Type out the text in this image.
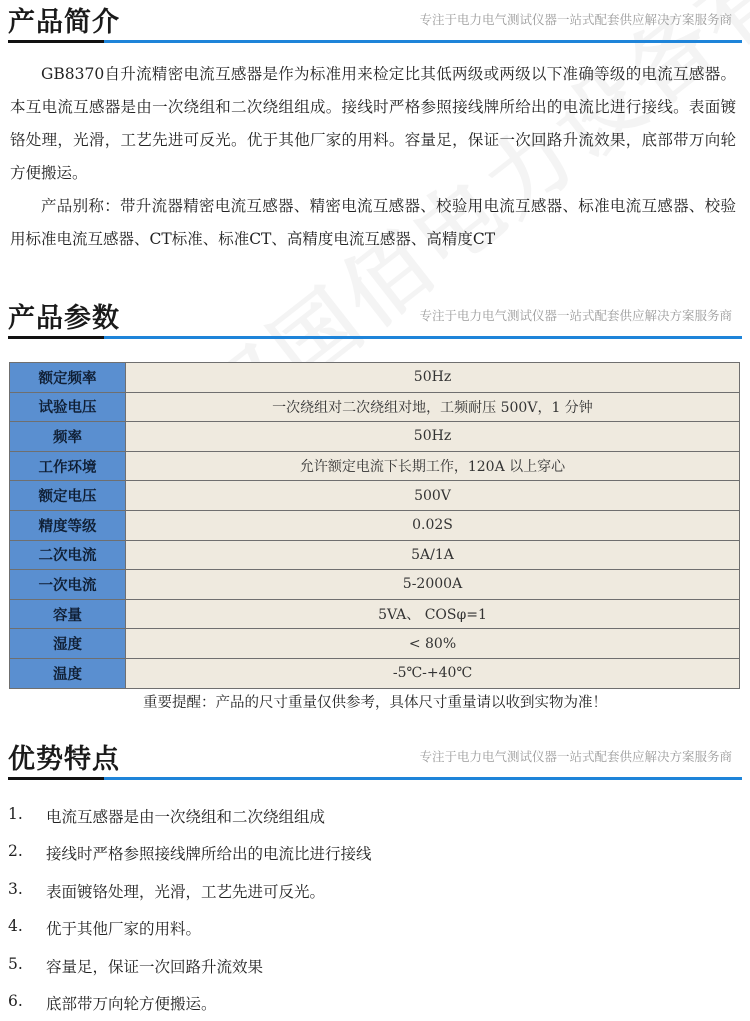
产品简介	专注于电力电气测试仪器一站式配套供应解决方案服务商

GB8370自升流精密电流互感器是作为标准用来检定比其低两级或两级以下准确等级的电流互感器。本互电流互感器是由一次绕组和二次绕组组成。接线时严格参照接线牌所给出的电流比进行接线。表面镀铬处理，光滑，工艺先进可反光。优于其他厂家的用料。容量足，保证一次回路升流效果，底部带万向轮方便搬运。

产品别称：带升流器精密电流互感器、精密电流互感器、校验用电流互感器、标准电流互感器、校验用标准电流互感器、CT标准、标准CT、高精度电流互感器、高精度CT

产品参数	专注于电力电气测试仪器一站式配套供应解决方案服务商
额定频率	50Hz
试验电压	一次绕组对二次绕组对地，工频耐压 500V，1 分钟
频率	50Hz
工作环境	允许额定电流下长期工作，120A 以上穿心
额定电压	500V
精度等级	0.02S
二次电流	5A/1A
一次电流	5-2000A
容量	5VA、 COSφ=1
湿度	< 80%
温度	-5℃-+40℃
重要提醒：产品的尺寸重量仅供参考，具体尺寸重量请以收到实物为准！
优势特点	专注于电力电气测试仪器一站式配套供应解决方案服务商
1. 电流互感器是由一次绕组和二次绕组组成
2. 接线时严格参照接线牌所给出的电流比进行接线
3. 表面镀铬处理，光滑，工艺先进可反光。
4. 优于其他厂家的用料。
5. 容量足，保证一次回路升流效果
6. 底部带万向轮方便搬运。
